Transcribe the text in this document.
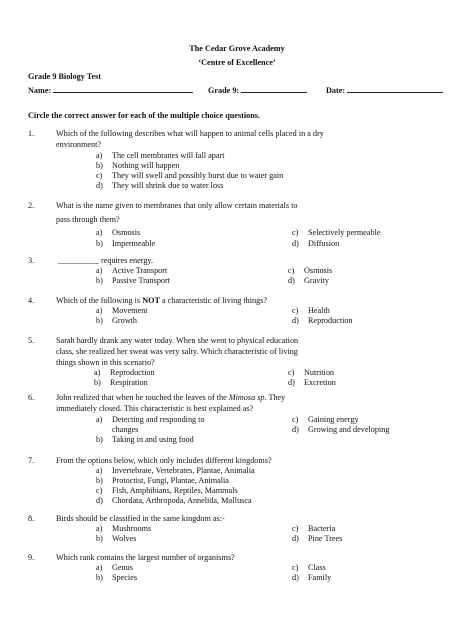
The Cedar Grove Academy
‘Centre of Excellence’
Grade 9 Biology Test
Name:	Grade 9:	Date:
Circle the correct answer for each of the multiple choice questions.
1.	Which of the following describes what will happen to animal cells placed in a dry
environment?
a) The cell membranes will fall apart
b) Nothing will happen
c) They will swell and possibly burst due to water gain
d) They will shrink due to water loss
2.	What is the name given to membranes that only allow certain materials to
pass through them?
a) Osmosis
b) Impermeable
c) Selectively permeable
d) Diffusion
3.	__________ requires energy.
a) Active Transport
b) Passive Transport
c) Osmosis
d) Gravity
4.	Which of the following is NOT a characteristic of living things?
a) Movement
b) Growth
c) Health
d) Reproduction
5.	Sarah hardly drank any water today. When she went to physical education
class, she realized her sweat was very salty. Which characteristic of living
things shown in this scenario?
a) Reproduction
b) Respiration
c) Nutrition
d) Excretion
6.	John realized that when he touched the leaves of the Mimosa sp. They
immediately closed. This characteristic is best explained as?
a) Detecting and responding to
changes
b) Taking in and using food
c) Gaining energy
d) Growing and developing
7.	From the options below, which only includes different kingdoms?
a) Invertebrate, Vertebrates, Plantae, Animalia
b) Protoctist, Fungi, Plantae, Animalia
c) Fish, Amphibians, Reptiles, Mammals
d) Chordata, Arthropoda, Annelida, Mollusca
8.	Birds should be classified in the same kingdom as:-
a) Mushrooms
b) Wolves
c) Bacteria
d) Pine Trees
9.	Which rank contains the largest number of organisms?
a) Genus
b) Species
c) Class
d) Family
